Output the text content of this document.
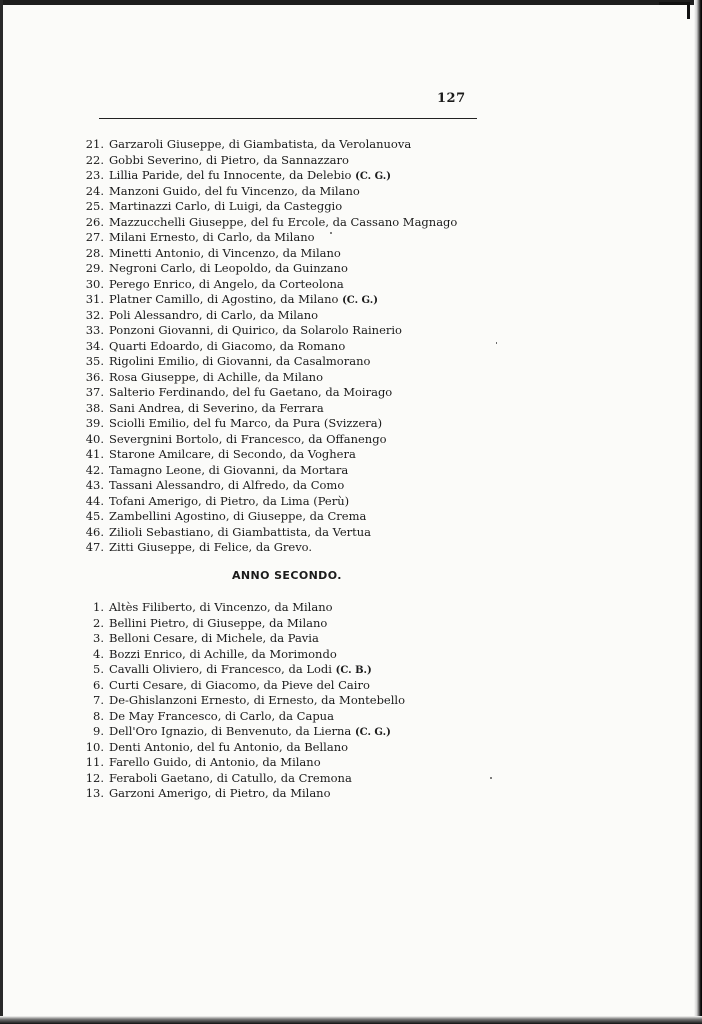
127
21. Garzaroli Giuseppe, di Giambatista, da Verolanuova
22. Gobbi Severino, di Pietro, da Sannazzaro
23. Lillia Paride, del fu Innocente, da Delebio (C. G.)
24. Manzoni Guido, del fu Vincenzo, da Milano
25. Martinazzi Carlo, di Luigi, da Casteggio
26. Mazzucchelli Giuseppe, del fu Ercole, da Cassano Magnago
27. Milani Ernesto, di Carlo, da Milano
28. Minetti Antonio, di Vincenzo, da Milano
29. Negroni Carlo, di Leopoldo, da Guinzano
30. Perego Enrico, di Angelo, da Corteolona
31. Platner Camillo, di Agostino, da Milano (C. G.)
32. Poli Alessandro, di Carlo, da Milano
33. Ponzoni Giovanni, di Quirico, da Solarolo Rainerio
34. Quarti Edoardo, di Giacomo, da Romano
35. Rigolini Emilio, di Giovanni, da Casalmorano
36. Rosa Giuseppe, di Achille, da Milano
37. Salterio Ferdinando, del fu Gaetano, da Moirago
38. Sani Andrea, di Severino, da Ferrara
39. Sciolli Emilio, del fu Marco, da Pura (Svizzera)
40. Severgnini Bortolo, di Francesco, da Offanengo
41. Starone Amilcare, di Secondo, da Voghera
42. Tamagno Leone, di Giovanni, da Mortara
43. Tassani Alessandro, di Alfredo, da Como
44. Tofani Amerigo, di Pietro, da Lima (Perù)
45. Zambellini Agostino, di Giuseppe, da Crema
46. Zilioli Sebastiano, di Giambattista, da Vertua
47. Zitti Giuseppe, di Felice, da Grevo.
ANNO SECONDO.
1. Altès Filiberto, di Vincenzo, da Milano
2. Bellini Pietro, di Giuseppe, da Milano
3. Belloni Cesare, di Michele, da Pavia
4. Bozzi Enrico, di Achille, da Morimondo
5. Cavalli Oliviero, di Francesco, da Lodi (C. B.)
6. Curti Cesare, di Giacomo, da Pieve del Cairo
7. De-Ghislanzoni Ernesto, di Ernesto, da Montebello
8. De May Francesco, di Carlo, da Capua
9. Dell'Oro Ignazio, di Benvenuto, da Lierna (C. G.)
10. Denti Antonio, del fu Antonio, da Bellano
11. Farello Guido, di Antonio, da Milano
12. Feraboli Gaetano, di Catullo, da Cremona
13. Garzoni Amerigo, di Pietro, da Milano
